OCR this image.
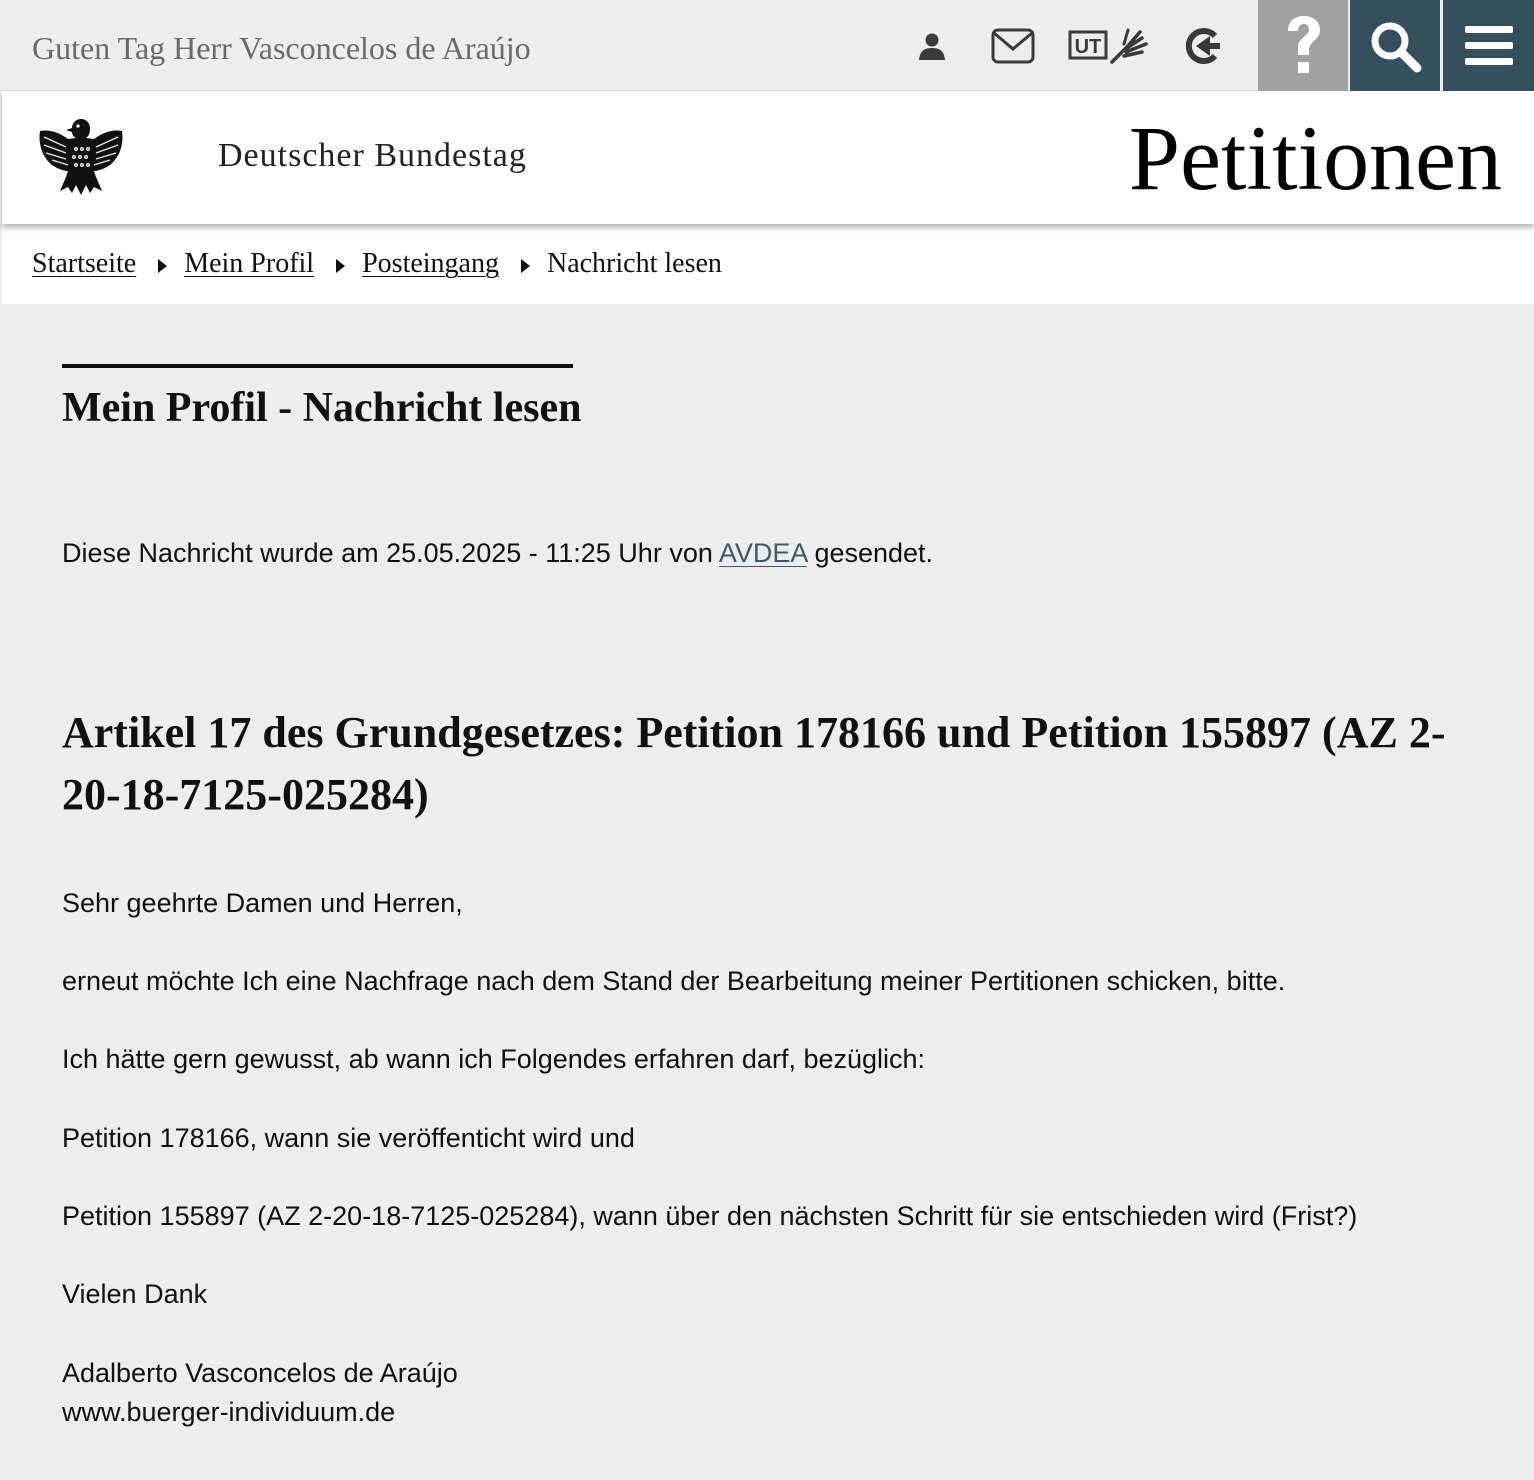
Guten Tag Herr Vasconcelos de Araújo	UT
Deutscher Bundestag	Petitionen
Startseite Mein Profil Posteingang Nachricht lesen
Mein Profil - Nachricht lesen
Diese Nachricht wurde am 25.05.2025 - 11:25 Uhr von AVDEA gesendet.
Artikel 17 des Grundgesetzes: Petition 178166 und Petition 155897 (AZ 2-20-18-7125-025284)

Sehr geehrte Damen und Herren,

erneut möchte Ich eine Nachfrage nach dem Stand der Bearbeitung meiner Pertitionen schicken, bitte.

Ich hätte gern gewusst, ab wann ich Folgendes erfahren darf, bezüglich:

Petition 178166, wann sie veröffenticht wird und

Petition 155897 (AZ 2-20-18-7125-025284), wann über den nächsten Schritt für sie entschieden wird (Frist?)

Vielen Dank

Adalberto Vasconcelos de Araújo

www.buerger-individuum.de
